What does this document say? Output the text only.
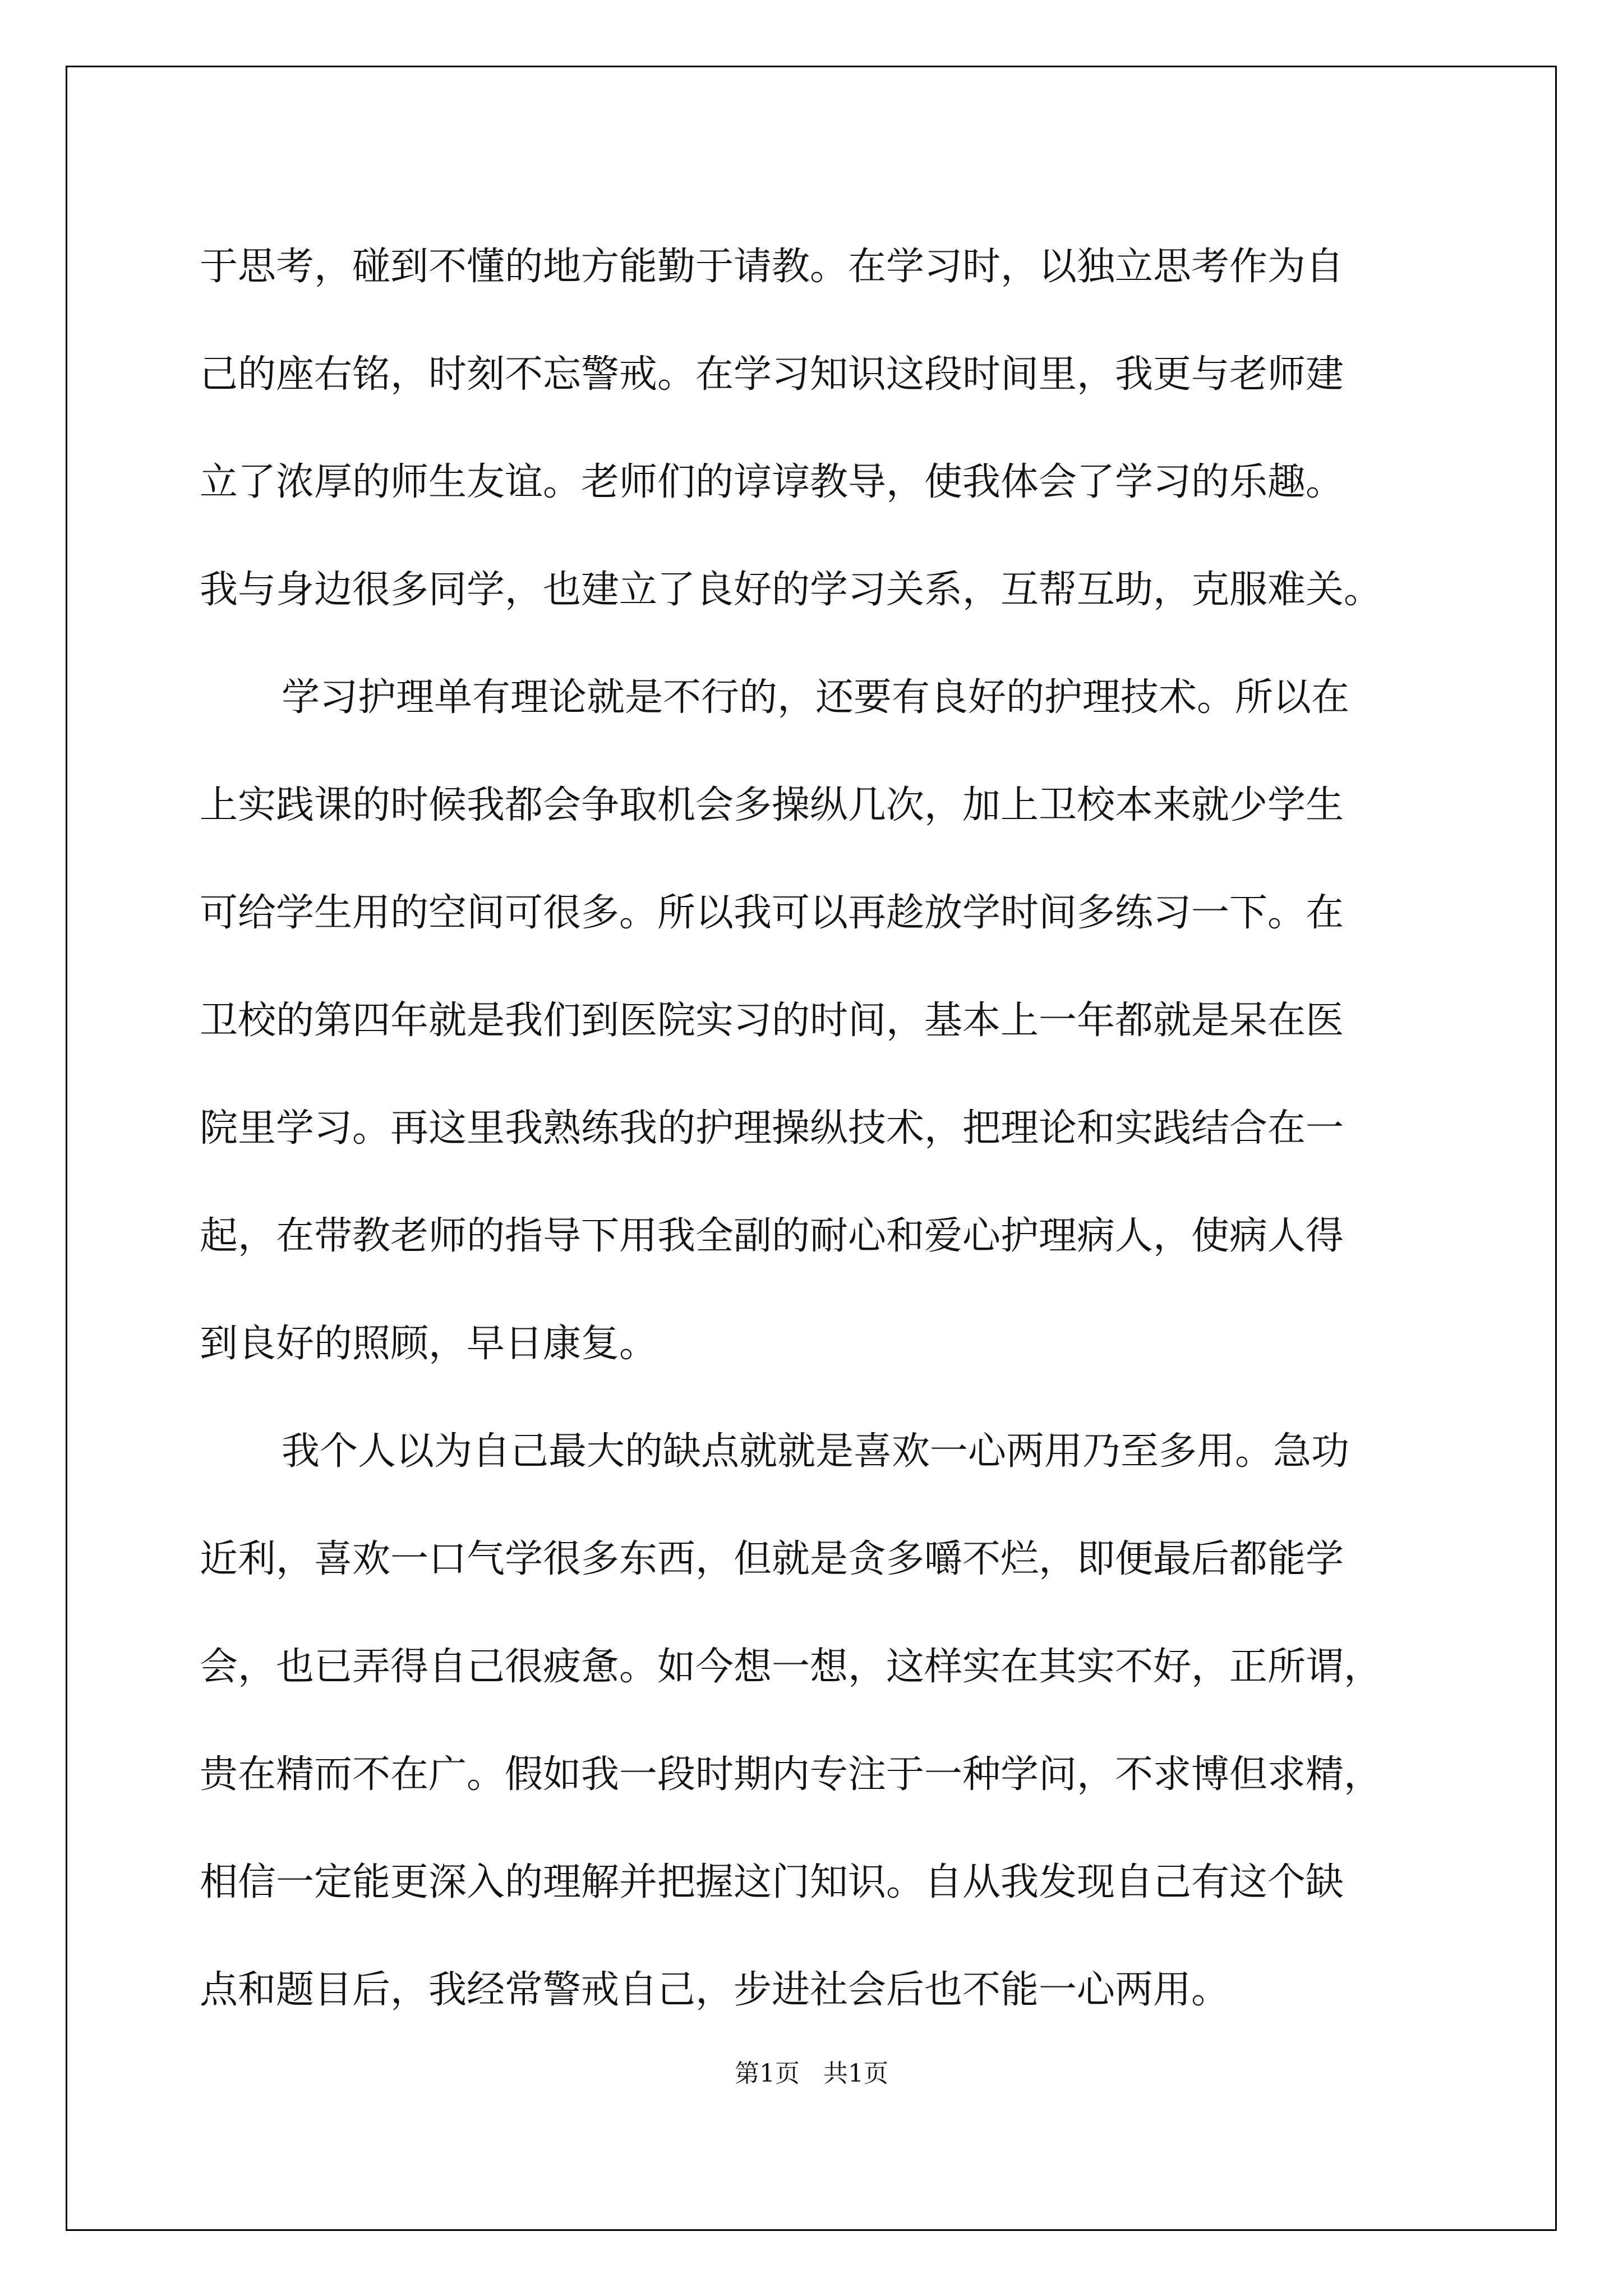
于思考，碰到不懂的地方能勤于请教。在学习时，以独立思考作为自
己的座右铭，时刻不忘警戒。在学习知识这段时间里，我更与老师建
立了浓厚的师生友谊。老师们的谆谆教导，使我体会了学习的乐趣。
我与身边很多同学，也建立了良好的学习关系，互帮互助，克服难关。
学习护理单有理论就是不行的，还要有良好的护理技术。所以在
上实践课的时候我都会争取机会多操纵几次，加上卫校本来就少学生
可给学生用的空间可很多。所以我可以再趁放学时间多练习一下。在
卫校的第四年就是我们到医院实习的时间，基本上一年都就是呆在医
院里学习。再这里我熟练我的护理操纵技术，把理论和实践结合在一
起，在带教老师的指导下用我全副的耐心和爱心护理病人，使病人得
到良好的照顾，早日康复。
我个人以为自己最大的缺点就就是喜欢一心两用乃至多用。急功
近利，喜欢一口气学很多东西，但就是贪多嚼不烂，即便最后都能学
会，也已弄得自己很疲惫。如今想一想，这样实在其实不好，正所谓，
贵在精而不在广。假如我一段时期内专注于一种学问，不求博但求精，
相信一定能更深入的理解并把握这门知识。自从我发现自己有这个缺
点和题目后，我经常警戒自己，步进社会后也不能一心两用。
第1页   共1页
